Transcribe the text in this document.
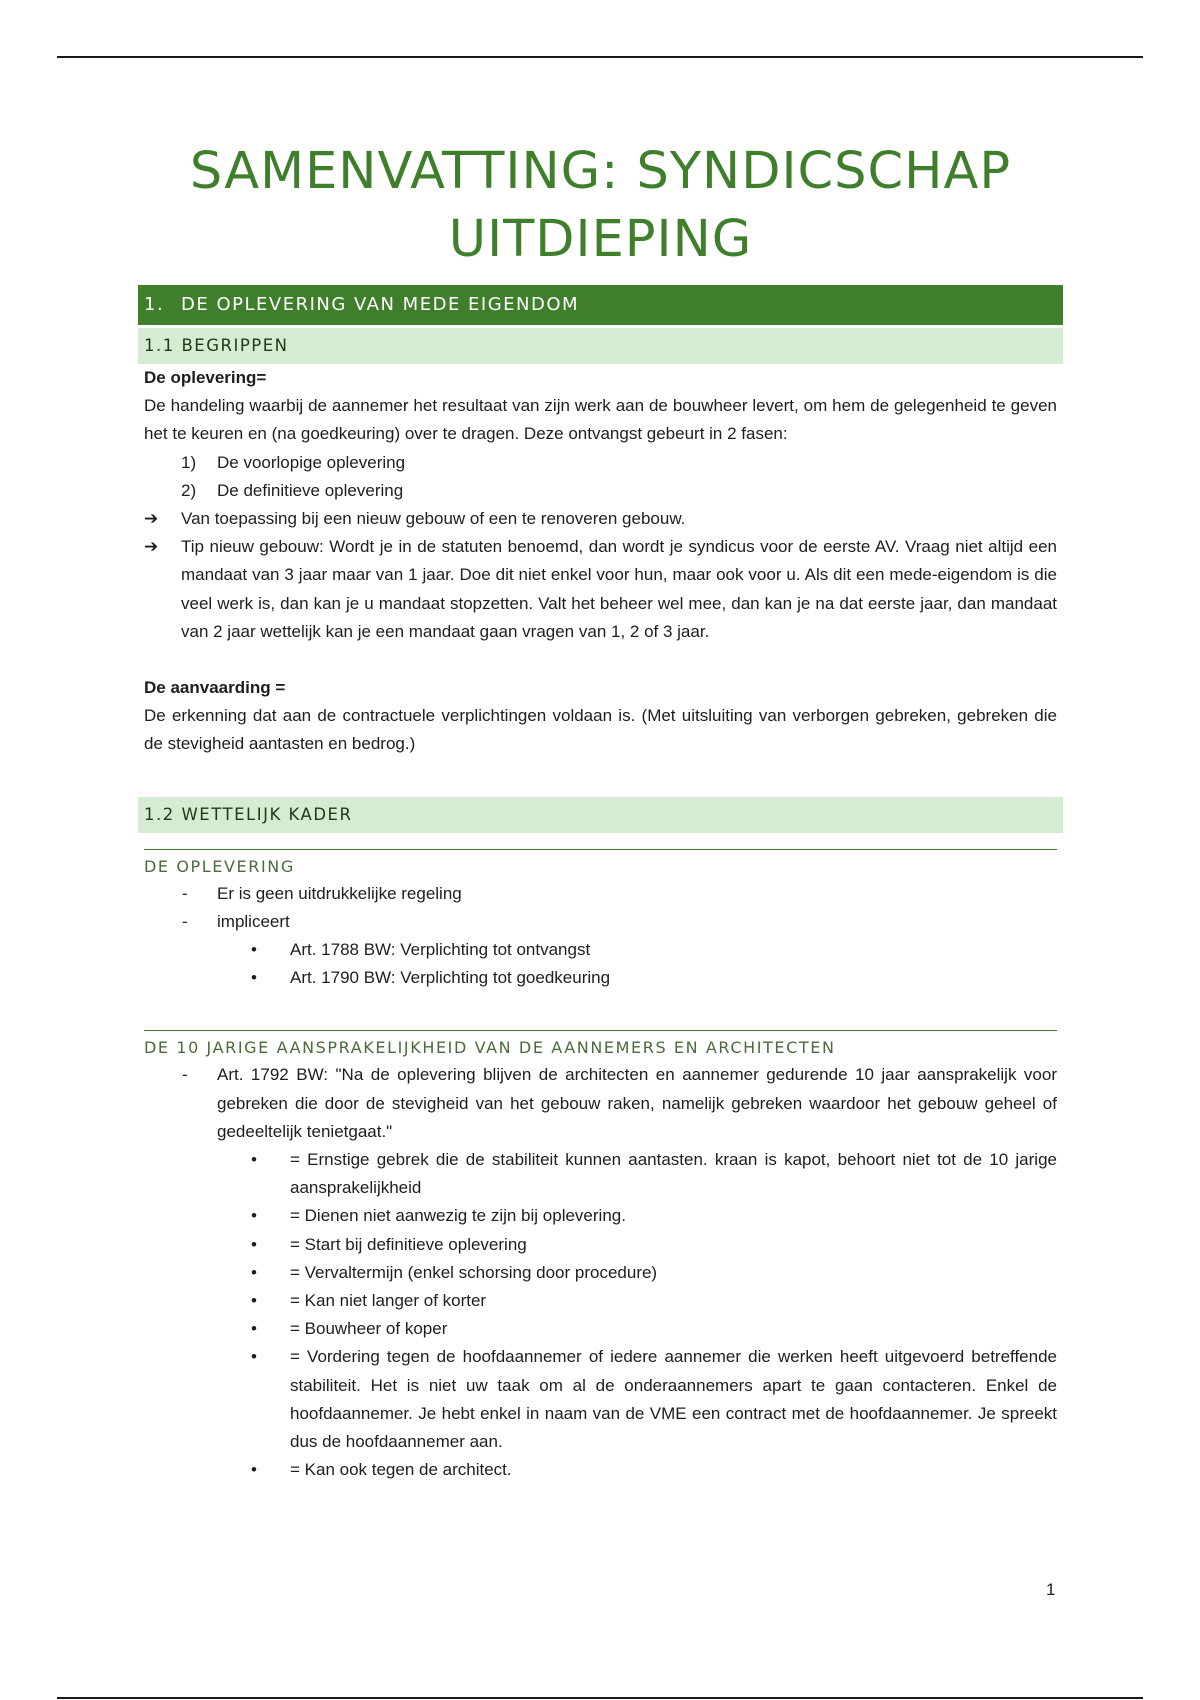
SAMENVATTING: SYNDICSCHAP
UITDIEPING
1. DE OPLEVERING VAN MEDE EIGENDOM
1.1 BEGRIPPEN

De oplevering=

De handeling waarbij de aannemer het resultaat van zijn werk aan de bouwheer levert, om hem de gelegenheid te geven het te keuren en (na goedkeuring) over te dragen. Deze ontvangst gebeurt in 2 fasen:

1) De voorlopige oplevering
2) De definitieve oplevering
➔ Van toepassing bij een nieuw gebouw of een te renoveren gebouw.
➔ Tip nieuw gebouw: Wordt je in de statuten benoemd, dan wordt je syndicus voor de eerste AV. Vraag niet altijd een mandaat van 3 jaar maar van 1 jaar. Doe dit niet enkel voor hun, maar ook voor u. Als dit een mede-eigendom is die veel werk is, dan kan je u mandaat stopzetten. Valt het beheer wel mee, dan kan je na dat eerste jaar, dan mandaat van 2 jaar wettelijk kan je een mandaat gaan vragen van 1, 2 of 3 jaar.

De aanvaarding =

De erkenning dat aan de contractuele verplichtingen voldaan is. (Met uitsluiting van verborgen gebreken, gebreken die de stevigheid aantasten en bedrog.)

1.2 WETTELIJK KADER
DE OPLEVERING
- Er is geen uitdrukkelijke regeling
- impliceert
• Art. 1788 BW: Verplichting tot ontvangst
• Art. 1790 BW: Verplichting tot goedkeuring
DE 10 JARIGE AANSPRAKELIJKHEID VAN DE AANNEMERS EN ARCHITECTEN
- Art. 1792 BW: "Na de oplevering blijven de architecten en aannemer gedurende 10 jaar aansprakelijk voor gebreken die door de stevigheid van het gebouw raken, namelijk gebreken waardoor het gebouw geheel of gedeeltelijk tenietgaat."
• = Ernstige gebrek die de stabiliteit kunnen aantasten. kraan is kapot, behoort niet tot de 10 jarige aansprakelijkheid
• = Dienen niet aanwezig te zijn bij oplevering.
• = Start bij definitieve oplevering
• = Vervaltermijn (enkel schorsing door procedure)
• = Kan niet langer of korter
• = Bouwheer of koper
• = Vordering tegen de hoofdaannemer of iedere aannemer die werken heeft uitgevoerd betreffende stabiliteit. Het is niet uw taak om al de onderaannemers apart te gaan contacteren. Enkel de hoofdaannemer. Je hebt enkel in naam van de VME een contract met de hoofdaannemer. Je spreekt dus de hoofdaannemer aan.
• = Kan ook tegen de architect.
1
